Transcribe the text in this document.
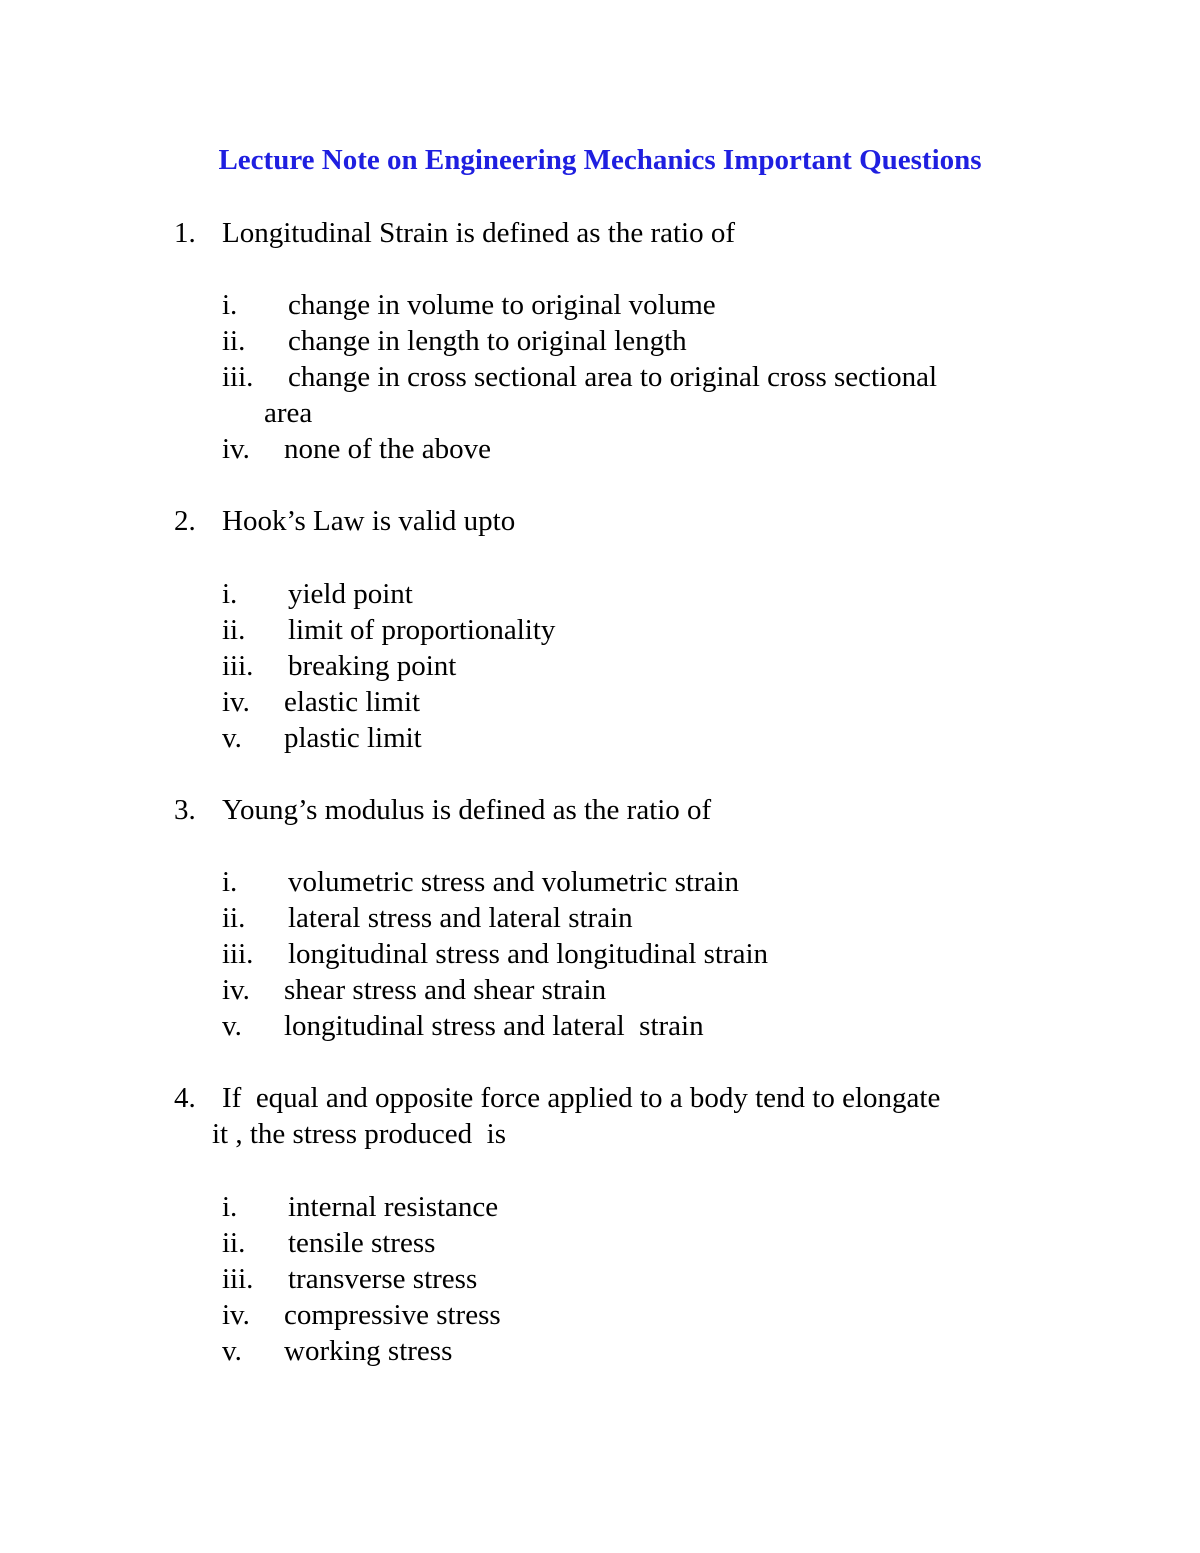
Lecture Note on Engineering Mechanics Important Questions
1. Longitudinal Strain is defined as the ratio of
i. change in volume to original volume
ii. change in length to original length
iii. change in cross sectional area to original cross sectional
area
iv. none of the above
2. Hook’s Law is valid upto
i. yield point
ii. limit of proportionality
iii. breaking point
iv. elastic limit
v. plastic limit
3. Young’s modulus is defined as the ratio of
i. volumetric stress and volumetric strain
ii. lateral stress and lateral strain
iii. longitudinal stress and longitudinal strain
iv. shear stress and shear strain
v. longitudinal stress and lateral  strain
4. If  equal and opposite force applied to a body tend to elongate
it , the stress produced  is
i. internal resistance
ii. tensile stress
iii. transverse stress
iv. compressive stress
v. working stress
